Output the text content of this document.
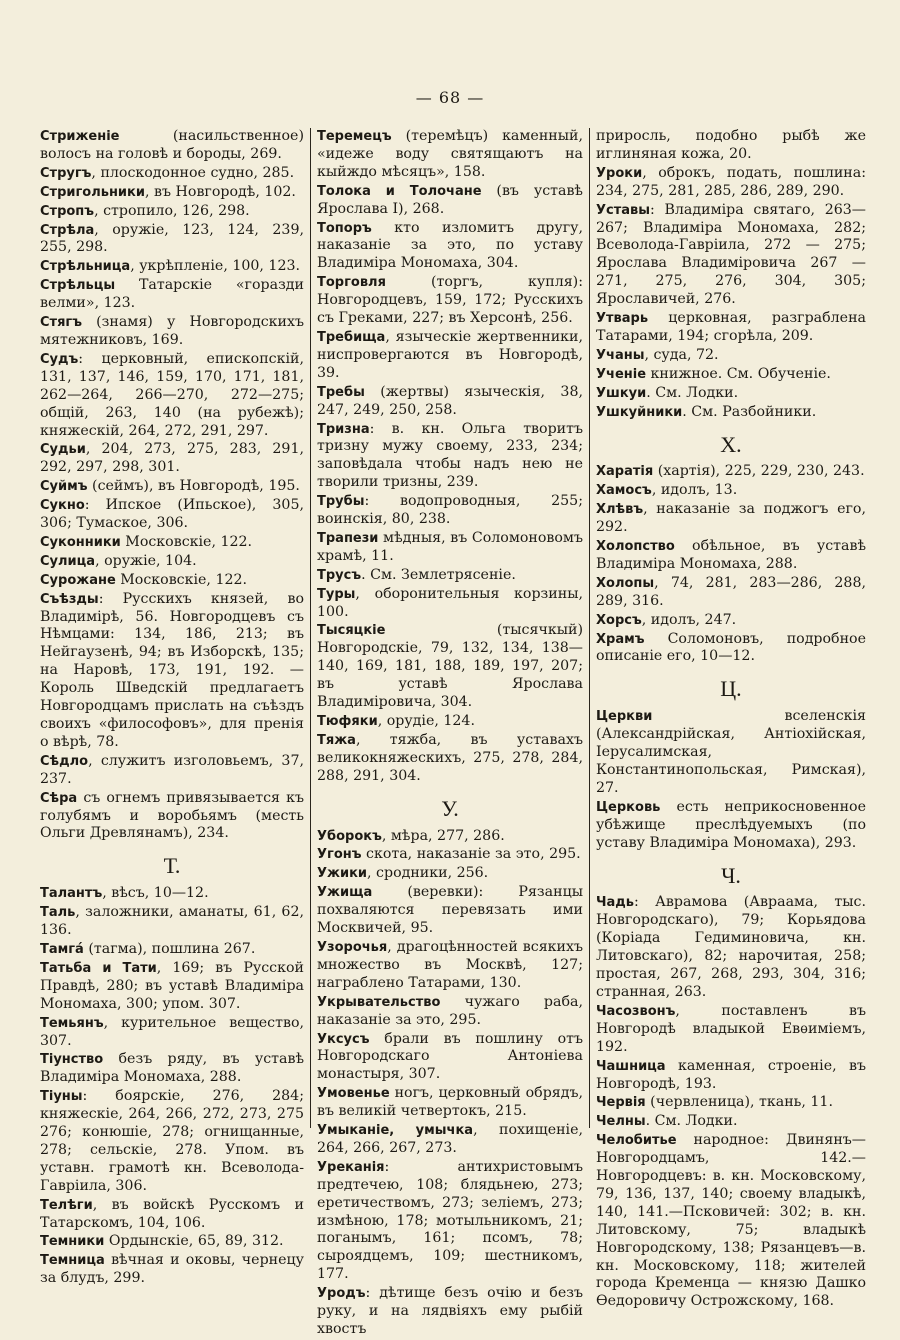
— 68 —
Стриженіе (насильственное) волосъ на головѣ и бороды, 269.
Стругъ, плоскодонное судно, 285.
Стригольники, въ Новгородѣ, 102.
Стропъ, стропило, 126, 298.
Стрѣла, оружіе, 123, 124, 239, 255, 298.
Стрѣльница, укрѣпленіе, 100, 123.
Стрѣльцы Татарскіе «горазди велми», 123.
Стягъ (знамя) у Новгородскихъ мятежниковъ, 169.
Судъ: церковный, епископскій, 131, 137, 146, 159, 170, 171, 181, 262—264, 266—270, 272—275; общій, 263, 140 (на рубежѣ); княжескій, 264, 272, 291, 297.
Судьи, 204, 273, 275, 283, 291, 292, 297, 298, 301.
Суймъ (сеймъ), въ Новгородѣ, 195.
Сукно: Ипское (Ипьское), 305, 306; Тумаское, 306.
Суконники Московскіе, 122.
Сулица, оружіе, 104.
Сурожане Московскіе, 122.
Съѣзды: Русскихъ князей, во Владимірѣ, 56. Новгородцевъ съ Нѣмцами: 134, 186, 213; въ Нейгаузенѣ, 94; въ Изборскѣ, 135; на Наровѣ, 173, 191, 192. — Король Шведскій предлагаетъ Новгородцамъ прислать на съѣздъ своихъ «философовъ», для пренія о вѣрѣ, 78.
Сѣдло, служитъ изголовьемъ, 37, 237.
Сѣра съ огнемъ привязывается къ голубямъ и воробьямъ (месть Ольги Древлянамъ), 234.
Т.
Талантъ, вѣсъ, 10—12.
Таль, заложники, аманаты, 61, 62, 136.
Тамга́ (тагма), пошлина 267.
Татьба и Тати, 169; въ Русской Правдѣ, 280; въ уставѣ Владиміра Мономаха, 300; упом. 307.
Темьянъ, курительное вещество, 307.
Тіунство безъ ряду, въ уставѣ Владиміра Мономаха, 288.
Тіуны: боярскіе, 276, 284; княжескіе, 264, 266, 272, 273, 275 276; конюшіе, 278; огнищанные, 278; сельскіе, 278. Упом. въ уставн. грамотѣ кн. Всеволода-Гавріила, 306.
Телѣги, въ войскѣ Русскомъ и Татарскомъ, 104, 106.
Темники Ордынскіе, 65, 89, 312.
Темница вѣчная и оковы, чернецу за блудъ, 299.
Теремецъ (теремѣцъ) каменный, «идеже воду святящаютъ на кыйждо мѣсяцъ», 158.
Толока и Толочане (въ уставѣ Ярослава I), 268.
Топоръ кто изломитъ другу, наказаніе за это, по уставу Владиміра Мономаха, 304.
Торговля (торгъ, купля): Новгородцевъ, 159, 172; Русскихъ съ Греками, 227; въ Херсонѣ, 256.
Требища, языческіе жертвенники, ниспровергаются въ Новгородѣ, 39.
Требы (жертвы) языческія, 38, 247, 249, 250, 258.
Тризна: в. кн. Ольга творитъ тризну мужу своему, 233, 234; заповѣдала чтобы надъ нею не творили тризны, 239.
Трубы: водопроводныя, 255; воинскія, 80, 238.
Трапези мѣдныя, въ Соломоновомъ храмѣ, 11.
Трусъ. См. Землетрясеніе.
Туры, оборонительныя корзины, 100.
Тысяцкіе (тысячкый) Новгородскіе, 79, 132, 134, 138—140, 169, 181, 188, 189, 197, 207; въ уставѣ Ярослава Владиміровича, 304.
Тюфяки, орудіе, 124.
Тяжа, тяжба, въ уставахъ великокняжескихъ, 275, 278, 284, 288, 291, 304.
У.
Уборокъ, мѣра, 277, 286.
Угонъ скота, наказаніе за это, 295.
Ужики, сродники, 256.
Ужища (веревки): Рязанцы похваляются перевязать ими Москвичей, 95.
Узорочья, драгоцѣнностей всякихъ множество въ Москвѣ, 127; награблено Татарами, 130.
Укрывательство чужаго раба, наказаніе за это, 295.
Уксусъ брали въ пошлину отъ Новгородскаго Антоніева монастыря, 307.
Умовенье ногъ, церковный обрядъ, въ великій четвертокъ, 215.
Умыканіе, умычка, похищеніе, 264, 266, 267, 273.
Уреканія: антихристовымъ предтечею, 108; блядьнею, 273; еретичествомъ, 273; зеліемъ, 273; измѣною, 178; мотыльникомъ, 21; поганымъ, 161; псомъ, 78; сыроядцемъ, 109; шестникомъ, 177.
Уродъ: дѣтище безъ очію и безъ руку, и на лядвіяхъ ему рыбій хвостъ
приросль, подобно рыбѣ же иглиняная кожа, 20.
Уроки, оброкъ, подать, пошлина: 234, 275, 281, 285, 286, 289, 290.
Уставы: Владиміра святаго, 263—267; Владиміра Мономаха, 282; Всеволода-Гавріила, 272 — 275; Ярослава Владиміровича 267 — 271, 275, 276, 304, 305; Ярославичей, 276.
Утварь церковная, разграблена Татарами, 194; сгорѣла, 209.
Учаны, суда, 72.
Ученіе книжное. См. Обученіе.
Ушкуи. См. Лодки.
Ушкуйники. См. Разбойники.
Х.
Харатія (хартія), 225, 229, 230, 243.
Хамосъ, идолъ, 13.
Хлѣвъ, наказаніе за поджогъ его, 292.
Холопство обѣльное, въ уставѣ Владиміра Мономаха, 288.
Холопы, 74, 281, 283—286, 288, 289, 316.
Хорсъ, идолъ, 247.
Храмъ Соломоновъ, подробное описаніе его, 10—12.
Ц.
Церкви вселенскія (Александрійская, Антіохійская, Іерусалимская, Константинопольская, Римская), 27.
Церковь есть неприкосновенное убѣжище преслѣдуемыхъ (по уставу Владиміра Мономаха), 293.
Ч.
Чадь: Аврамова (Авраама, тыс. Новгородскаго), 79; Корьядова (Коріада Гедиминовича, кн. Литовскаго), 82; нарочитая, 258; простая, 267, 268, 293, 304, 316; странная, 263.
Часозвонъ, поставленъ въ Новгородѣ владыкой Евѳиміемъ, 192.
Чашница каменная, строеніе, въ Новгородѣ, 193.
Червія (червленица), ткань, 11.
Челны. См. Лодки.
Челобитье народное: Двинянъ—Новгородцамъ, 142.—Новгородцевъ: в. кн. Московскому, 79, 136, 137, 140; своему владыкѣ, 140, 141.—Псковичей: 302; в. кн. Литовскому, 75; владыкѣ Новгородскому, 138; Рязанцевъ—в. кн. Московскому, 118; жителей города Кременца — князю Дашко Ѳедоровичу Острожскому, 168.
